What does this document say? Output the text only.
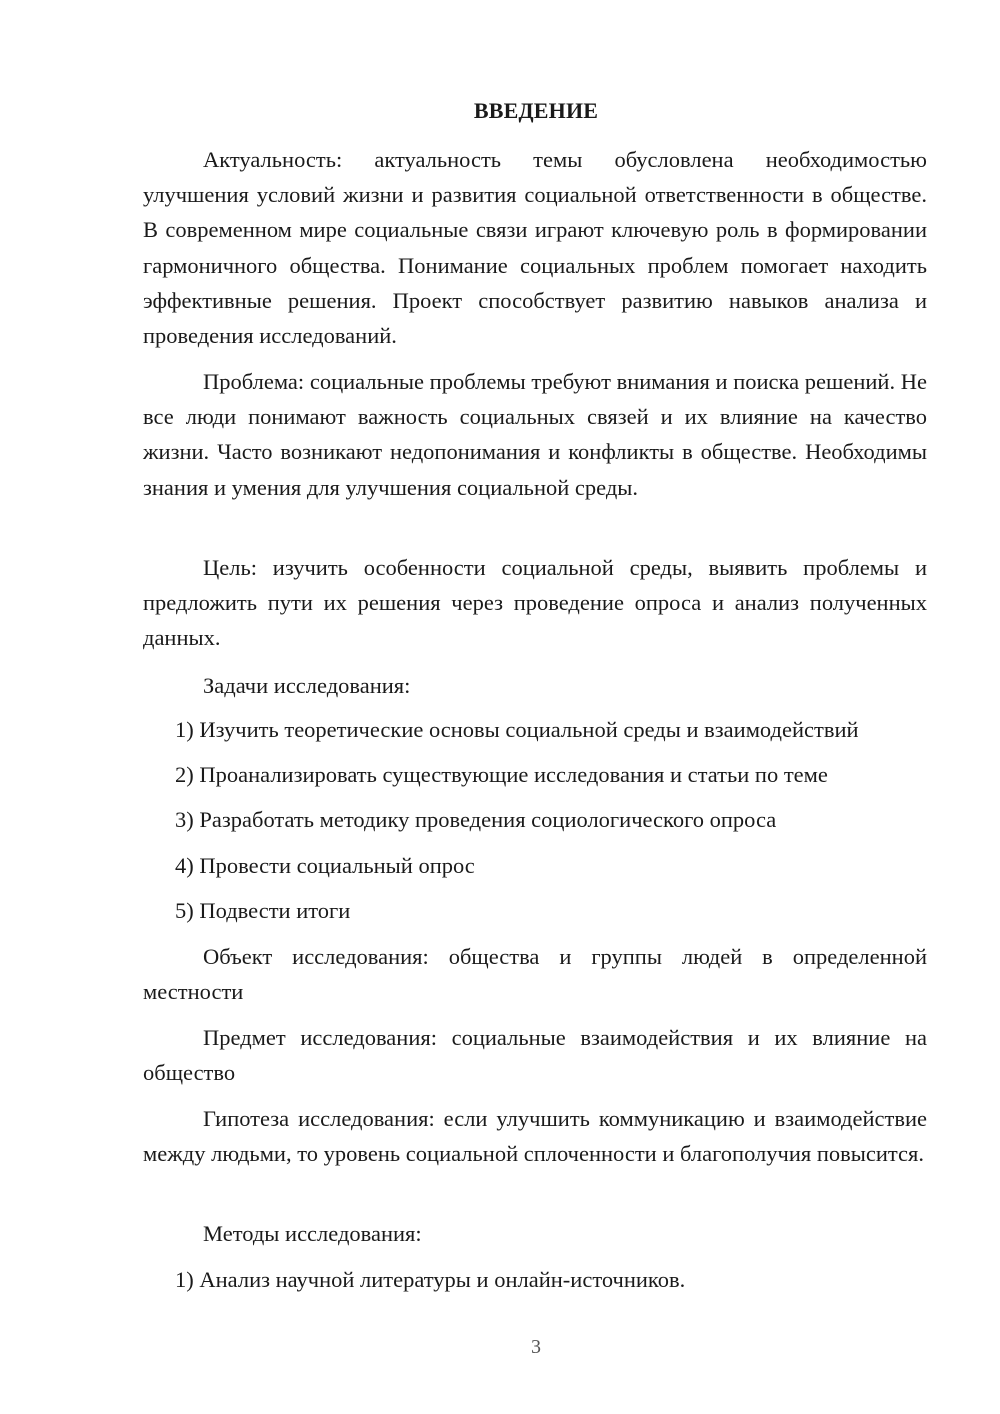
ВВЕДЕНИЕ

Актуальность: актуальность темы обусловлена необходимостью улучшения условий жизни и развития социальной ответственности в обществе. В современном мире социальные связи играют ключевую роль в формировании гармоничного общества. Понимание социальных проблем помогает находить эффективные решения. Проект способствует развитию навыков анализа и проведения исследований.

Проблема: социальные проблемы требуют внимания и поиска решений. Не все люди понимают важность социальных связей и их влияние на качество жизни. Часто возникают недопонимания и конфликты в обществе. Необходимы знания и умения для улучшения социальной среды.

Цель: изучить особенности социальной среды, выявить проблемы и предложить пути их решения через проведение опроса и анализ полученных данных.

Задачи исследования:
1) Изучить теоретические основы социальной среды и взаимодействий
2) Проанализировать существующие исследования и статьи по теме
3) Разработать методику проведения социологического опроса
4) Провести социальный опрос
5) Подвести итоги

Объект исследования: общества и группы людей в определенной местности

Предмет исследования: социальные взаимодействия и их влияние на общество

Гипотеза исследования: если улучшить коммуникацию и взаимодействие между людьми, то уровень социальной сплоченности и благополучия повысится.

Методы исследования:
1) Анализ научной литературы и онлайн-источников.
3
